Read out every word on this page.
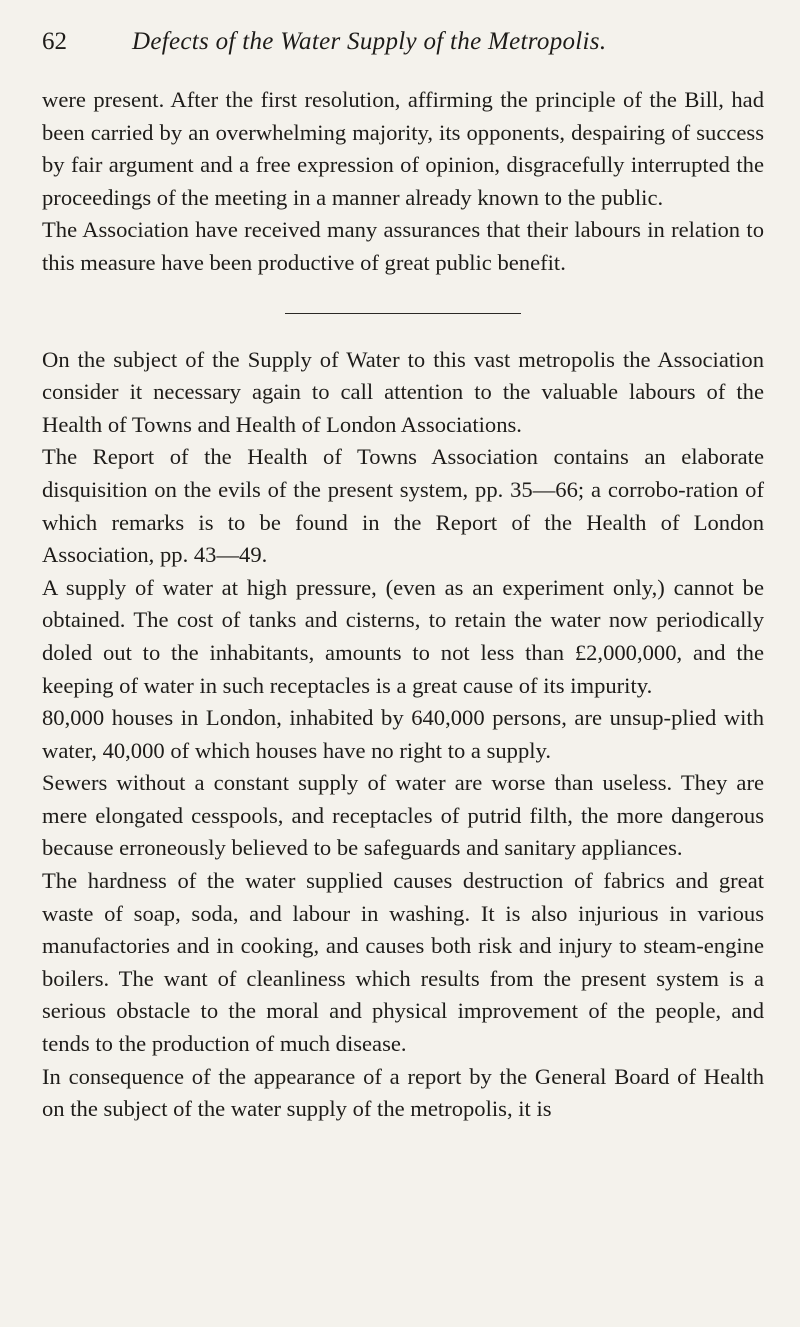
62	Defects of the Water Supply of the Metropolis.

were present. After the first resolution, affirming the principle of the Bill, had been carried by an overwhelming majority, its opponents, despairing of success by fair argument and a free expression of opinion, disgracefully interrupted the proceedings of the meeting in a manner already known to the public.

The Association have received many assurances that their labours in relation to this measure have been productive of great public benefit.

On the subject of the Supply of Water to this vast metropolis the Association consider it necessary again to call attention to the valuable labours of the Health of Towns and Health of London Associations.

The Report of the Health of Towns Association contains an elaborate disquisition on the evils of the present system, pp. 35—66; a corrobo-ration of which remarks is to be found in the Report of the Health of London Association, pp. 43—49.

A supply of water at high pressure, (even as an experiment only,) cannot be obtained. The cost of tanks and cisterns, to retain the water now periodically doled out to the inhabitants, amounts to not less than £2,000,000, and the keeping of water in such receptacles is a great cause of its impurity.

80,000 houses in London, inhabited by 640,000 persons, are unsup-plied with water, 40,000 of which houses have no right to a supply.

Sewers without a constant supply of water are worse than useless. They are mere elongated cesspools, and receptacles of putrid filth, the more dangerous because erroneously believed to be safeguards and sanitary appliances.

The hardness of the water supplied causes destruction of fabrics and great waste of soap, soda, and labour in washing. It is also injurious in various manufactories and in cooking, and causes both risk and injury to steam-engine boilers. The want of cleanliness which results from the present system is a serious obstacle to the moral and physical improvement of the people, and tends to the production of much disease.

In consequence of the appearance of a report by the General Board of Health on the subject of the water supply of the metropolis, it is
